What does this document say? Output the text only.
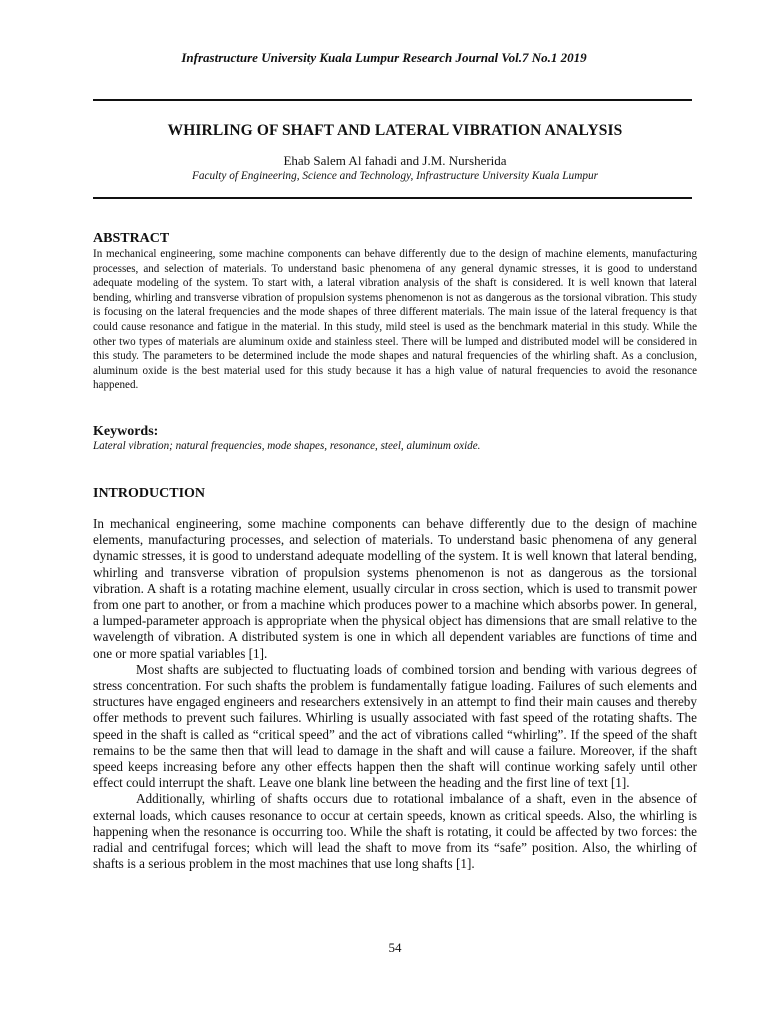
Infrastructure University Kuala Lumpur Research Journal Vol.7 No.1 2019
WHIRLING OF SHAFT AND LATERAL VIBRATION ANALYSIS
Ehab Salem Al fahadi and J.M. Nursherida
Faculty of Engineering, Science and Technology, Infrastructure University Kuala Lumpur
ABSTRACT
In mechanical engineering, some machine components can behave differently due to the design of machine elements, manufacturing processes, and selection of materials. To understand basic phenomena of any general dynamic stresses, it is good to understand adequate modeling of the system. To start with, a lateral vibration analysis of the shaft is considered. It is well known that lateral bending, whirling and transverse vibration of propulsion systems phenomenon is not as dangerous as the torsional vibration. This study is focusing on the lateral frequencies and the mode shapes of three different materials. The main issue of the lateral frequency is that could cause resonance and fatigue in the material. In this study, mild steel is used as the benchmark material in this study. While the other two types of materials are aluminum oxide and stainless steel. There will be lumped and distributed model will be considered in this study. The parameters to be determined include the mode shapes and natural frequencies of the whirling shaft. As a conclusion, aluminum oxide is the best material used for this study because it has a high value of natural frequencies to avoid the resonance happened.
Keywords:
Lateral vibration; natural frequencies, mode shapes, resonance, steel, aluminum oxide.
INTRODUCTION

In mechanical engineering, some machine components can behave differently due to the design of machine elements, manufacturing processes, and selection of materials. To understand basic phenomena of any general dynamic stresses, it is good to understand adequate modelling of the system. It is well known that lateral bending, whirling and transverse vibration of propulsion systems phenomenon is not as dangerous as the torsional vibration. A shaft is a rotating machine element, usually circular in cross section, which is used to transmit power from one part to another, or from a machine which produces power to a machine which absorbs power. In general, a lumped-parameter approach is appropriate when the physical object has dimensions that are small relative to the wavelength of vibration. A distributed system is one in which all dependent variables are functions of time and one or more spatial variables [1].

Most shafts are subjected to fluctuating loads of combined torsion and bending with various degrees of stress concentration. For such shafts the problem is fundamentally fatigue loading. Failures of such elements and structures have engaged engineers and researchers extensively in an attempt to find their main causes and thereby offer methods to prevent such failures. Whirling is usually associated with fast speed of the rotating shafts. The speed in the shaft is called as “critical speed” and the act of vibrations called “whirling”. If the speed of the shaft remains to be the same then that will lead to damage in the shaft and will cause a failure. Moreover, if the shaft speed keeps increasing before any other effects happen then the shaft will continue working safely until other effect could interrupt the shaft. Leave one blank line between the heading and the first line of text [1].

Additionally, whirling of shafts occurs due to rotational imbalance of a shaft, even in the absence of external loads, which causes resonance to occur at certain speeds, known as critical speeds. Also, the whirling is happening when the resonance is occurring too. While the shaft is rotating, it could be affected by two forces: the radial and centrifugal forces; which will lead the shaft to move from its “safe” position. Also, the whirling of shafts is a serious problem in the most machines that use long shafts [1].

54
